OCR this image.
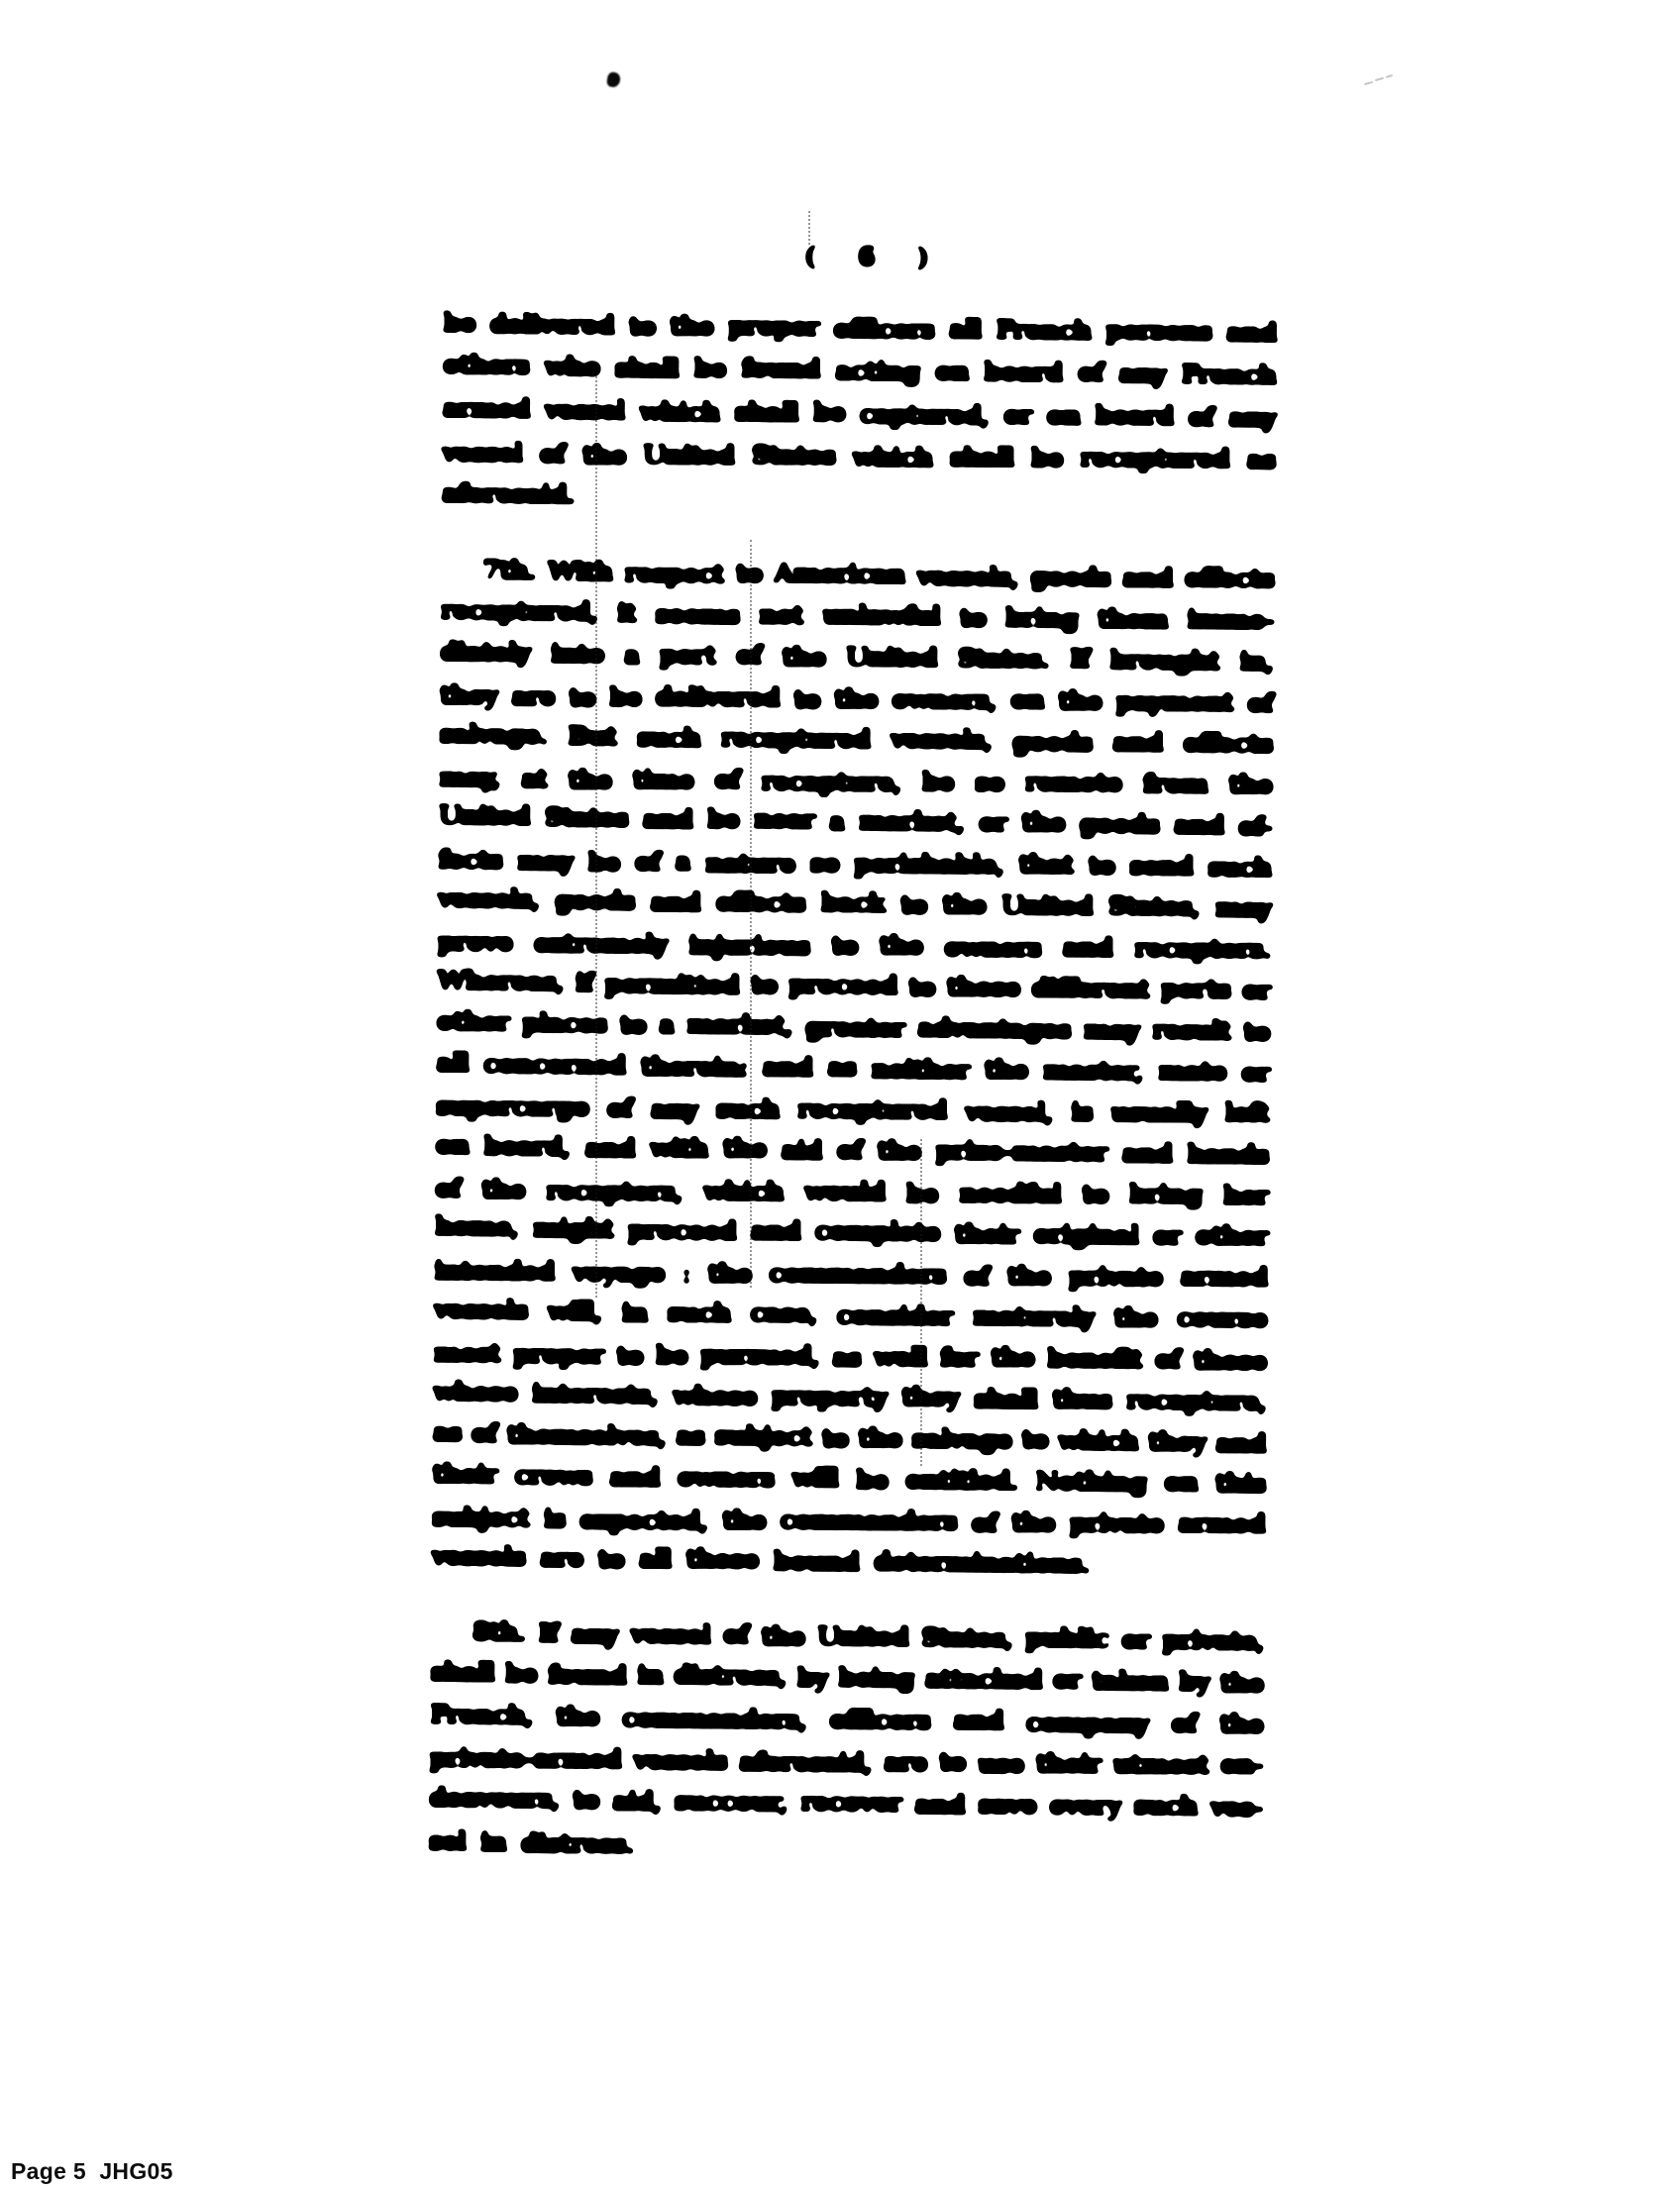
( 6 )
be delivered to the proper officers all French persons and
others who shall be found acting on board of any French
armed vessel which shall be captured, or on board of any
vessel of the United States which shall be recaptured as
aforesaid.
7th. With respect to American vessels, goods and effects
recaptured, it seems not unlawful to bring them imme-
diately into a port of the United States. If brought in,
they are to be delivered to the owners, on the payment of
salvage. But such recaptured vessels, goods and effects
may, at the time of recapture, be so remote from the
United States and be near a market, or the goods and ef-
fects may be of a nature so perishable, that to send such
vessels, goods and effects back to the United States, may
prove extremely injurious to the owners and recaptors.
Whereas, if permitted to proceed to those different ports or
other places to a market, greater advantages may result to
all concerned therein: and as neither the master, mate or
supercargo of any such recaptured vessel, is usually left
on board, and with the aid of the prize-master and hands
of the recaptors, which would be needful to bring her
home, might proceed and complete their original or other
intended voyage : the commanders of the private armed
vessels will, in such case, consider maturely the course
most proper to be pursued, as well for the benefit of those
whose interests, whose property they shall thus recapture,
as of themselves, as subject to the salvage to which they and
their crews and owners will be entitled. Nothing on this
subject is expected, the commanders of the private armed
vessels are to all these bound determinations.
8th. If any vessel of the United States, public or private,
shall be found in distress, by being attacked or taken by the
French, the commanders, officers and company of the
private-armed vessels aforesaid, are to use their utmost en-
deavours, to aid, succour, recover and save every such ves-
sel in distress.
Page 5  JHG05
